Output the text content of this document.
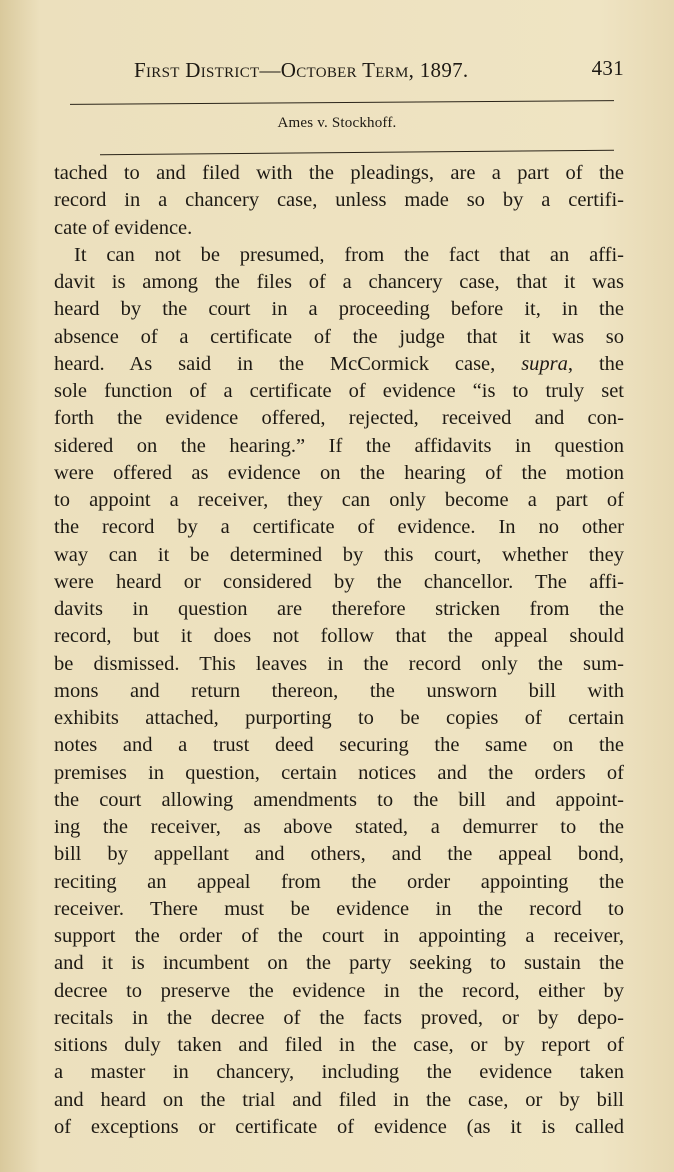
First District—October Term, 1897.	431
Ames v. Stockhoff.
tached to and filed with the pleadings, are a part of the
record in a chancery case, unless made so by a certifi-
cate of evidence.
It can not be presumed, from the fact that an affi-
davit is among the files of a chancery case, that it was
heard by the court in a proceeding before it, in the
absence of a certificate of the judge that it was so
heard. As said in the McCormick case, supra, the
sole function of a certificate of evidence “is to truly set
forth the evidence offered, rejected, received and con-
sidered on the hearing.” If the affidavits in question
were offered as evidence on the hearing of the motion
to appoint a receiver, they can only become a part of
the record by a certificate of evidence. In no other
way can it be determined by this court, whether they
were heard or considered by the chancellor. The affi-
davits in question are therefore stricken from the
record, but it does not follow that the appeal should
be dismissed. This leaves in the record only the sum-
mons and return thereon, the unsworn bill with
exhibits attached, purporting to be copies of certain
notes and a trust deed securing the same on the
premises in question, certain notices and the orders of
the court allowing amendments to the bill and appoint-
ing the receiver, as above stated, a demurrer to the
bill by appellant and others, and the appeal bond,
reciting an appeal from the order appointing the
receiver. There must be evidence in the record to
support the order of the court in appointing a receiver,
and it is incumbent on the party seeking to sustain the
decree to preserve the evidence in the record, either by
recitals in the decree of the facts proved, or by depo-
sitions duly taken and filed in the case, or by report of
a master in chancery, including the evidence taken
and heard on the trial and filed in the case, or by bill
of exceptions or certificate of evidence (as it is called
